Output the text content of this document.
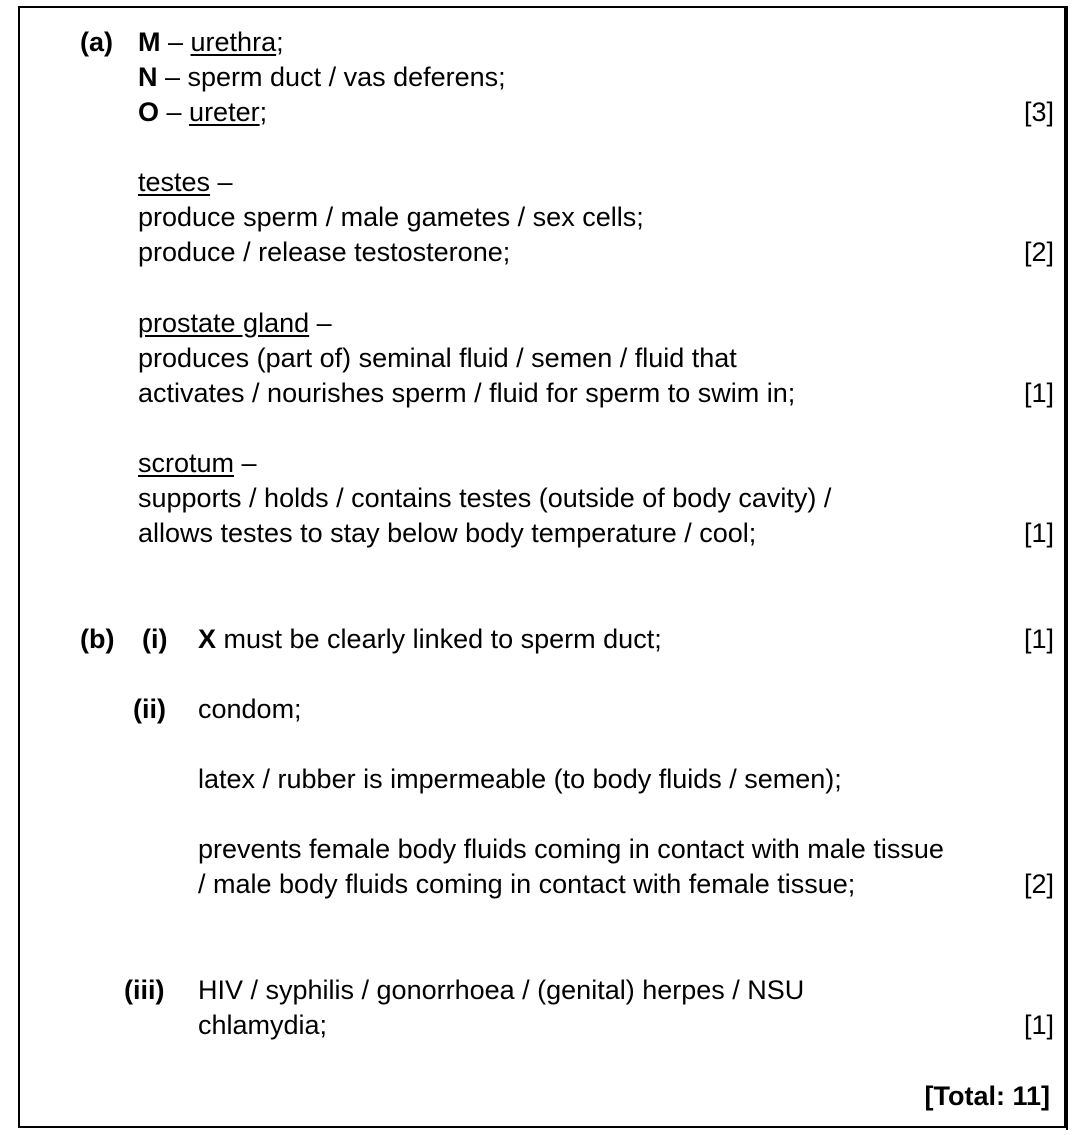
(a) M – urethra;
N – sperm duct / vas deferens;
O – ureter;	[3]
testes –
produce sperm / male gametes / sex cells;
produce / release testosterone;	[2]
prostate gland –
produces (part of) seminal fluid / semen / fluid that
activates / nourishes sperm / fluid for sperm to swim in;	[1]
scrotum –
supports / holds / contains testes (outside of body cavity) /
allows testes to stay below body temperature / cool;	[1]
(b) (i) X must be clearly linked to sperm duct;	[1]
(ii) condom;
latex / rubber is impermeable (to body fluids / semen);
prevents female body fluids coming in contact with male tissue
/ male body fluids coming in contact with female tissue;	[2]
(iii) HIV / syphilis / gonorrhoea / (genital) herpes / NSU
chlamydia;	[1]
[Total: 11]
